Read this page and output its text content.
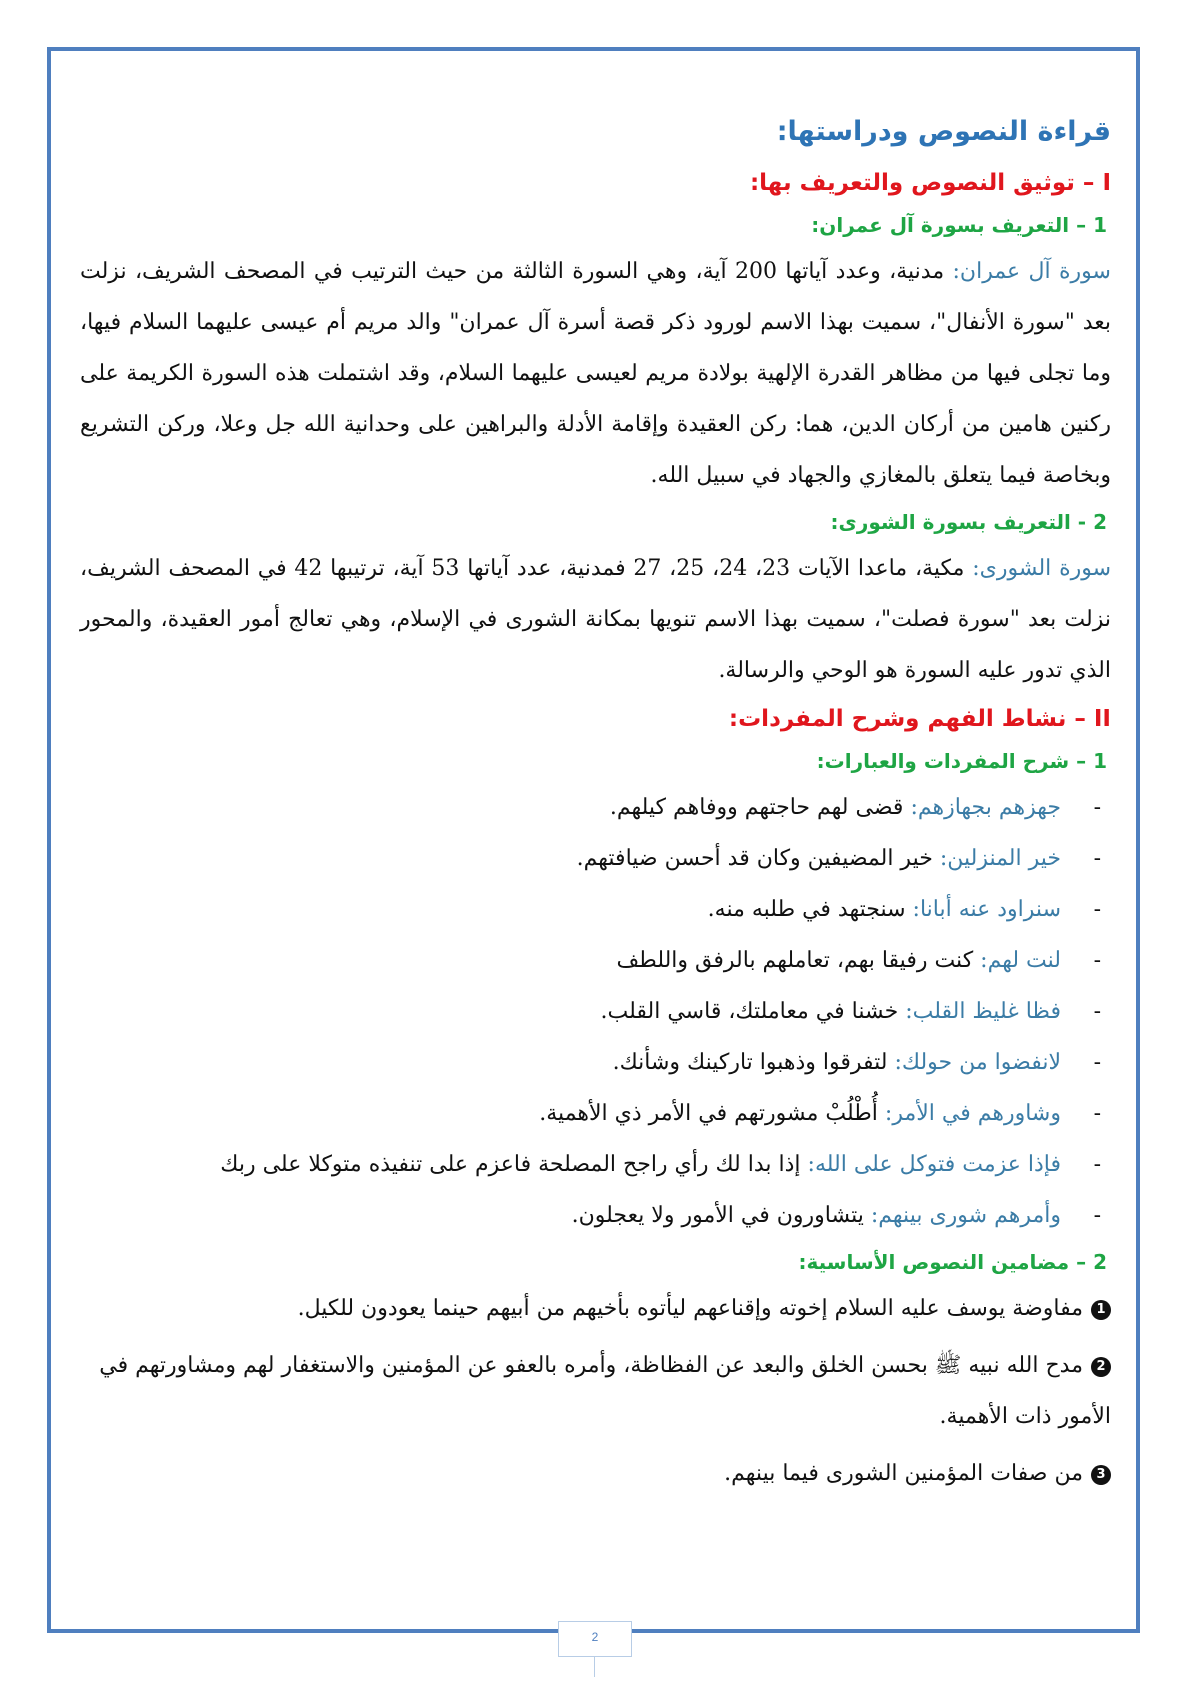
قراءة النصوص ودراستها:
I – توثيق النصوص والتعريف بها:
1 – التعريف بسورة آل عمران:

سورة آل عمران: مدنية، وعدد آياتها 200 آية، وهي السورة الثالثة من حيث الترتيب في المصحف الشريف، نزلت بعد "سورة الأنفال"، سميت بهذا الاسم لورود ذكر قصة أسرة آل عمران" والد مريم أم عيسى عليهما السلام فيها، وما تجلى فيها من مظاهر القدرة الإلهية بولادة مريم لعيسى عليهما السلام، وقد اشتملت هذه السورة الكريمة على ركنين هامين من أركان الدين، هما: ركن العقيدة وإقامة الأدلة والبراهين على وحدانية الله جل وعلا، وركن التشريع وبخاصة فيما يتعلق بالمغازي والجهاد في سبيل الله.

2 - التعريف بسورة الشورى:

سورة الشورى: مكية، ماعدا الآيات 23، 24، 25، 27 فمدنية، عدد آياتها 53 آية، ترتيبها 42 في المصحف الشريف، نزلت بعد "سورة فصلت"، سميت بهذا الاسم تنويها بمكانة الشورى في الإسلام، وهي تعالج أمور العقيدة، والمحور الذي تدور عليه السورة هو الوحي والرسالة.

II – نشاط الفهم وشرح المفردات:
1 – شرح المفردات والعبارات:
-
جهزهم بجهازهم: قضى لهم حاجتهم ووفاهم كيلهم.
-
خير المنزلين: خير المضيفين وكان قد أحسن ضيافتهم.
-
سنراود عنه أبانا: سنجتهد في طلبه منه.
-
لنت لهم: كنت رفيقا بهم، تعاملهم بالرفق واللطف
-
فظا غليظ القلب: خشنا في معاملتك، قاسي القلب.
-
لانفضوا من حولك: لتفرقوا وذهبوا تاركينك وشأنك.
-
وشاورهم في الأمر: أُطْلُبْ مشورتهم في الأمر ذي الأهمية.
-
فإذا عزمت فتوكل على الله: إذا بدا لك رأي راجح المصلحة فاعزم على تنفيذه متوكلا على ربك
-
وأمرهم شورى بينهم: يتشاورون في الأمور ولا يعجلون.
2 – مضامين النصوص الأساسية:
1مفاوضة يوسف عليه السلام إخوته وإقناعهم ليأتوه بأخيهم من أبيهم حينما يعودون للكيل.
2مدح الله نبيه ﷺ بحسن الخلق والبعد عن الفظاظة، وأمره بالعفو عن المؤمنين والاستغفار لهم ومشاورتهم في الأمور ذات الأهمية.
3من صفات المؤمنين الشورى فيما بينهم.
2
